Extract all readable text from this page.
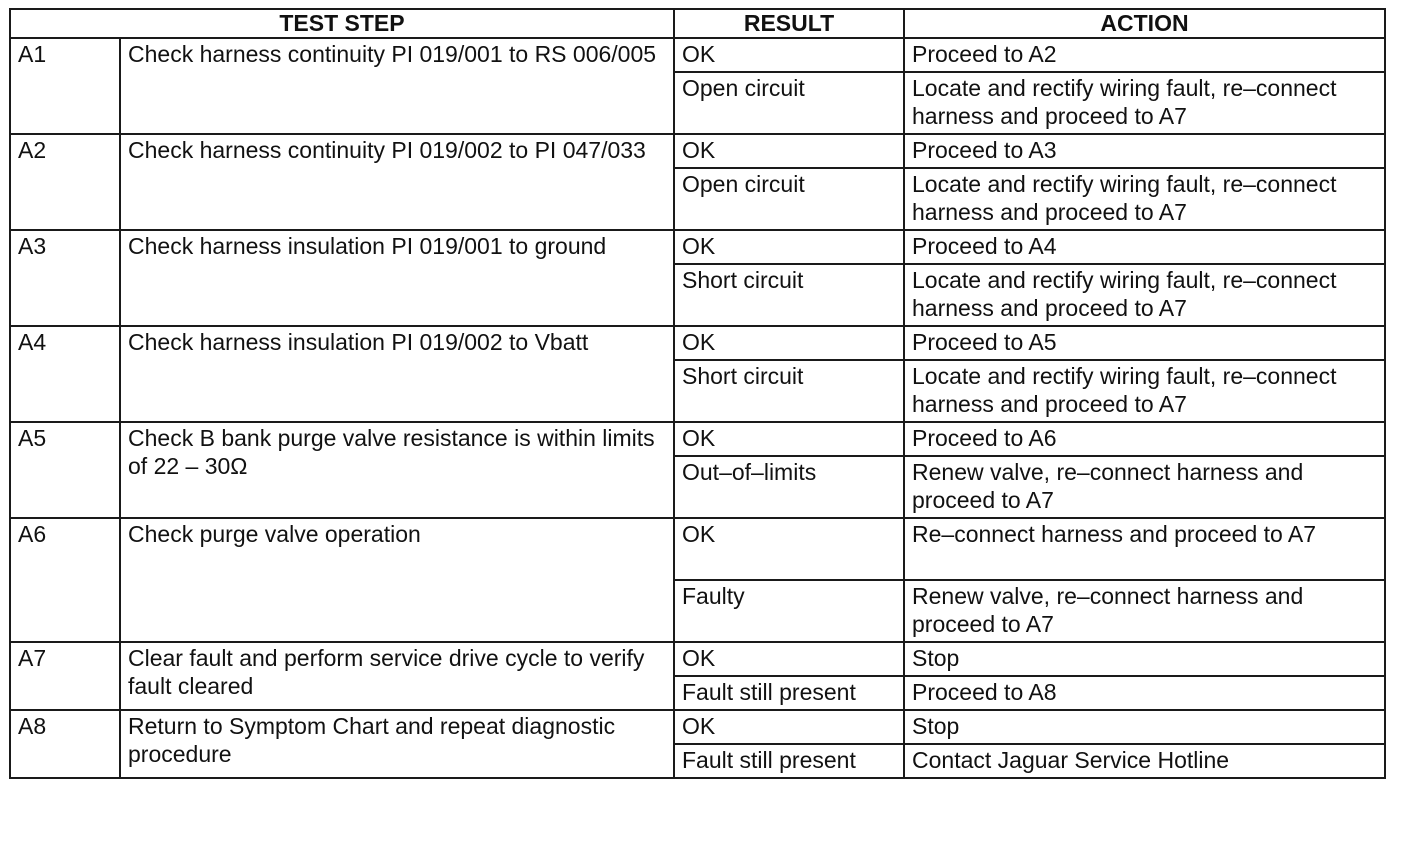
TEST STEP		RESULT	ACTION
A1	Check harness continuity PI 019/001 to RS 006/005	OK	Proceed to A2
		Open circuit	Locate and rectify wiring fault, re–connect harness and proceed to A7
A2	Check harness continuity PI 019/002 to PI 047/033	OK	Proceed to A3
		Open circuit	Locate and rectify wiring fault, re–connect harness and proceed to A7
A3	Check harness insulation PI 019/001 to ground	OK	Proceed to A4
		Short circuit	Locate and rectify wiring fault, re–connect harness and proceed to A7
A4	Check harness insulation PI 019/002 to Vbatt	OK	Proceed to A5
		Short circuit	Locate and rectify wiring fault, re–connect harness and proceed to A7
A5	Check B bank purge valve resistance is within limits of 22 – 30Ω	OK	Proceed to A6
		Out–of–limits	Renew valve, re–connect harness and proceed to A7
A6	Check purge valve operation	OK	Re–connect harness and proceed to A7
		Faulty	Renew valve, re–connect harness and proceed to A7
A7	Clear fault and perform service drive cycle to verify fault cleared	OK	Stop
		Fault still present	Proceed to A8
A8	Return to Symptom Chart and repeat diagnostic procedure	OK	Stop
		Fault still present	Contact Jaguar Service Hotline
